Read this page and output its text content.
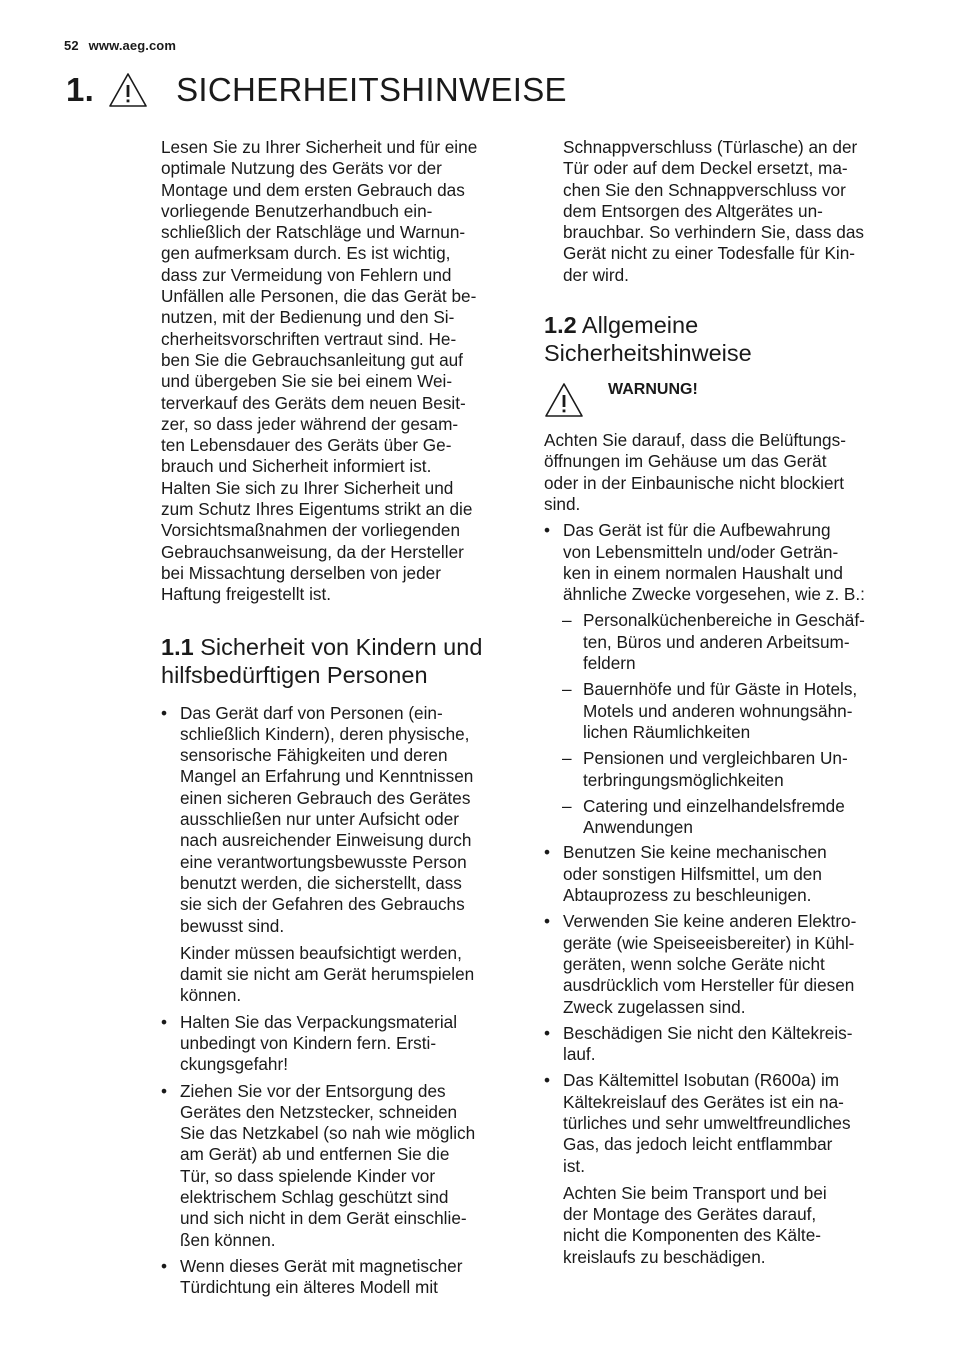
52 www.aeg.com
1. SICHERHEITSHINWEISE
Lesen Sie zu Ihrer Sicherheit und für eine
optimale Nutzung des Geräts vor der
Montage und dem ersten Gebrauch das
vorliegende Benutzerhandbuch ein-
schließlich der Ratschläge und Warnun-
gen aufmerksam durch. Es ist wichtig,
dass zur Vermeidung von Fehlern und
Unfällen alle Personen, die das Gerät be-
nutzen, mit der Bedienung und den Si-
cherheitsvorschriften vertraut sind. He-
ben Sie die Gebrauchsanleitung gut auf
und übergeben Sie sie bei einem Wei-
terverkauf des Geräts dem neuen Besit-
zer, so dass jeder während der gesam-
ten Lebensdauer des Geräts über Ge-
brauch und Sicherheit informiert ist.
Halten Sie sich zu Ihrer Sicherheit und
zum Schutz Ihres Eigentums strikt an die
Vorsichtsmaßnahmen der vorliegenden
Gebrauchsanweisung, da der Hersteller
bei Missachtung derselben von jeder
Haftung freigestellt ist.
1.1 Sicherheit von Kindern und
hilfsbedürftigen Personen
• Das Gerät darf von Personen (ein-
schließlich Kindern), deren physische,
sensorische Fähigkeiten und deren
Mangel an Erfahrung und Kenntnissen
einen sicheren Gebrauch des Gerätes
ausschließen nur unter Aufsicht oder
nach ausreichender Einweisung durch
eine verantwortungsbewusste Person
benutzt werden, die sicherstellt, dass
sie sich der Gefahren des Gebrauchs
bewusst sind.
Kinder müssen beaufsichtigt werden,
damit sie nicht am Gerät herumspielen
können.
• Halten Sie das Verpackungsmaterial
unbedingt von Kindern fern. Ersti-
ckungsgefahr!
• Ziehen Sie vor der Entsorgung des
Gerätes den Netzstecker, schneiden
Sie das Netzkabel (so nah wie möglich
am Gerät) ab und entfernen Sie die
Tür, so dass spielende Kinder vor
elektrischem Schlag geschützt sind
und sich nicht in dem Gerät einschlie-
ßen können.
• Wenn dieses Gerät mit magnetischer
Türdichtung ein älteres Modell mit
Schnappverschluss (Türlasche) an der
Tür oder auf dem Deckel ersetzt, ma-
chen Sie den Schnappverschluss vor
dem Entsorgen des Altgerätes un-
brauchbar. So verhindern Sie, dass das
Gerät nicht zu einer Todesfalle für Kin-
der wird.
1.2 Allgemeine
Sicherheitshinweise
WARNUNG!
Achten Sie darauf, dass die Belüftungs-
öffnungen im Gehäuse um das Gerät
oder in der Einbaunische nicht blockiert
sind.
• Das Gerät ist für die Aufbewahrung
von Lebensmitteln und/oder Geträn-
ken in einem normalen Haushalt und
ähnliche Zwecke vorgesehen, wie z. B.:
– Personalküchenbereiche in Geschäf-
ten, Büros und anderen Arbeitsum-
feldern
– Bauernhöfe und für Gäste in Hotels,
Motels und anderen wohnungsähn-
lichen Räumlichkeiten
– Pensionen und vergleichbaren Un-
terbringungsmöglichkeiten
– Catering und einzelhandelsfremde
Anwendungen
• Benutzen Sie keine mechanischen
oder sonstigen Hilfsmittel, um den
Abtauprozess zu beschleunigen.
• Verwenden Sie keine anderen Elektro-
geräte (wie Speiseeisbereiter) in Kühl-
geräten, wenn solche Geräte nicht
ausdrücklich vom Hersteller für diesen
Zweck zugelassen sind.
• Beschädigen Sie nicht den Kältekreis-
lauf.
• Das Kältemittel Isobutan (R600a) im
Kältekreislauf des Gerätes ist ein na-
türliches und sehr umweltfreundliches
Gas, das jedoch leicht entflammbar
ist.
Achten Sie beim Transport und bei
der Montage des Gerätes darauf,
nicht die Komponenten des Kälte-
kreislaufs zu beschädigen.
